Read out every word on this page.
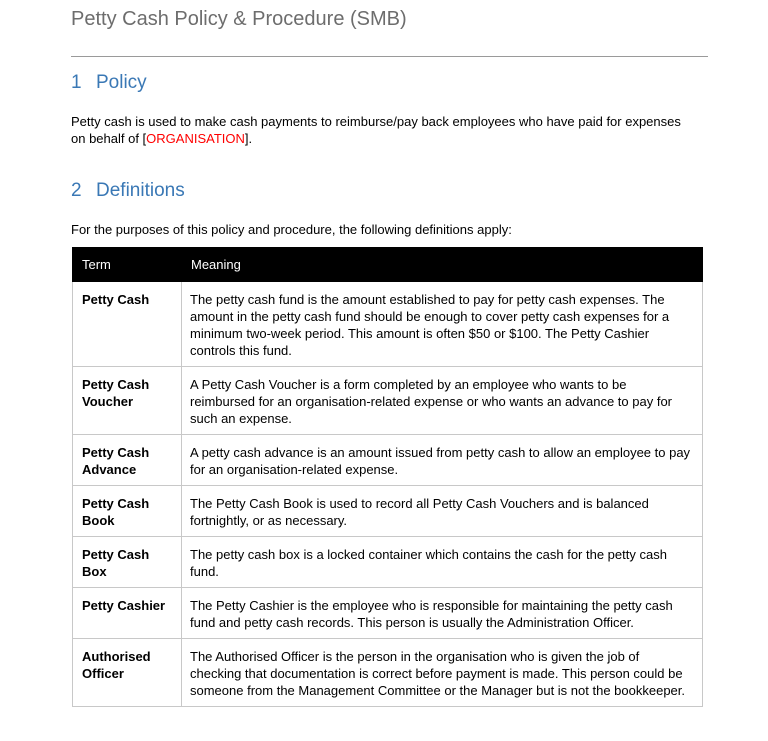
Petty Cash Policy & Procedure (SMB)
1 Policy

Petty cash is used to make cash payments to reimburse/pay back employees who have paid for expenses on behalf of [ORGANISATION].

2 Definitions

For the purposes of this policy and procedure, the following definitions apply:

Term	Meaning
Petty Cash	The petty cash fund is the amount established to pay for petty cash expenses. The amount in the petty cash fund should be enough to cover petty cash expenses for a minimum two-week period. This amount is often $50 or $100. The Petty Cashier controls this fund.
Petty Cash Voucher	A Petty Cash Voucher is a form completed by an employee who wants to be reimbursed for an organisation-related expense or who wants an advance to pay for such an expense.
Petty Cash Advance	A petty cash advance is an amount issued from petty cash to allow an employee to pay for an organisation-related expense.
Petty Cash Book	The Petty Cash Book is used to record all Petty Cash Vouchers and is balanced fortnightly, or as necessary.
Petty Cash Box	The petty cash box is a locked container which contains the cash for the petty cash fund.
Petty Cashier	The Petty Cashier is the employee who is responsible for maintaining the petty cash fund and petty cash records. This person is usually the Administration Officer.
Authorised Officer	The Authorised Officer is the person in the organisation who is given the job of checking that documentation is correct before payment is made. This person could be someone from the Management Committee or the Manager but is not the bookkeeper.
